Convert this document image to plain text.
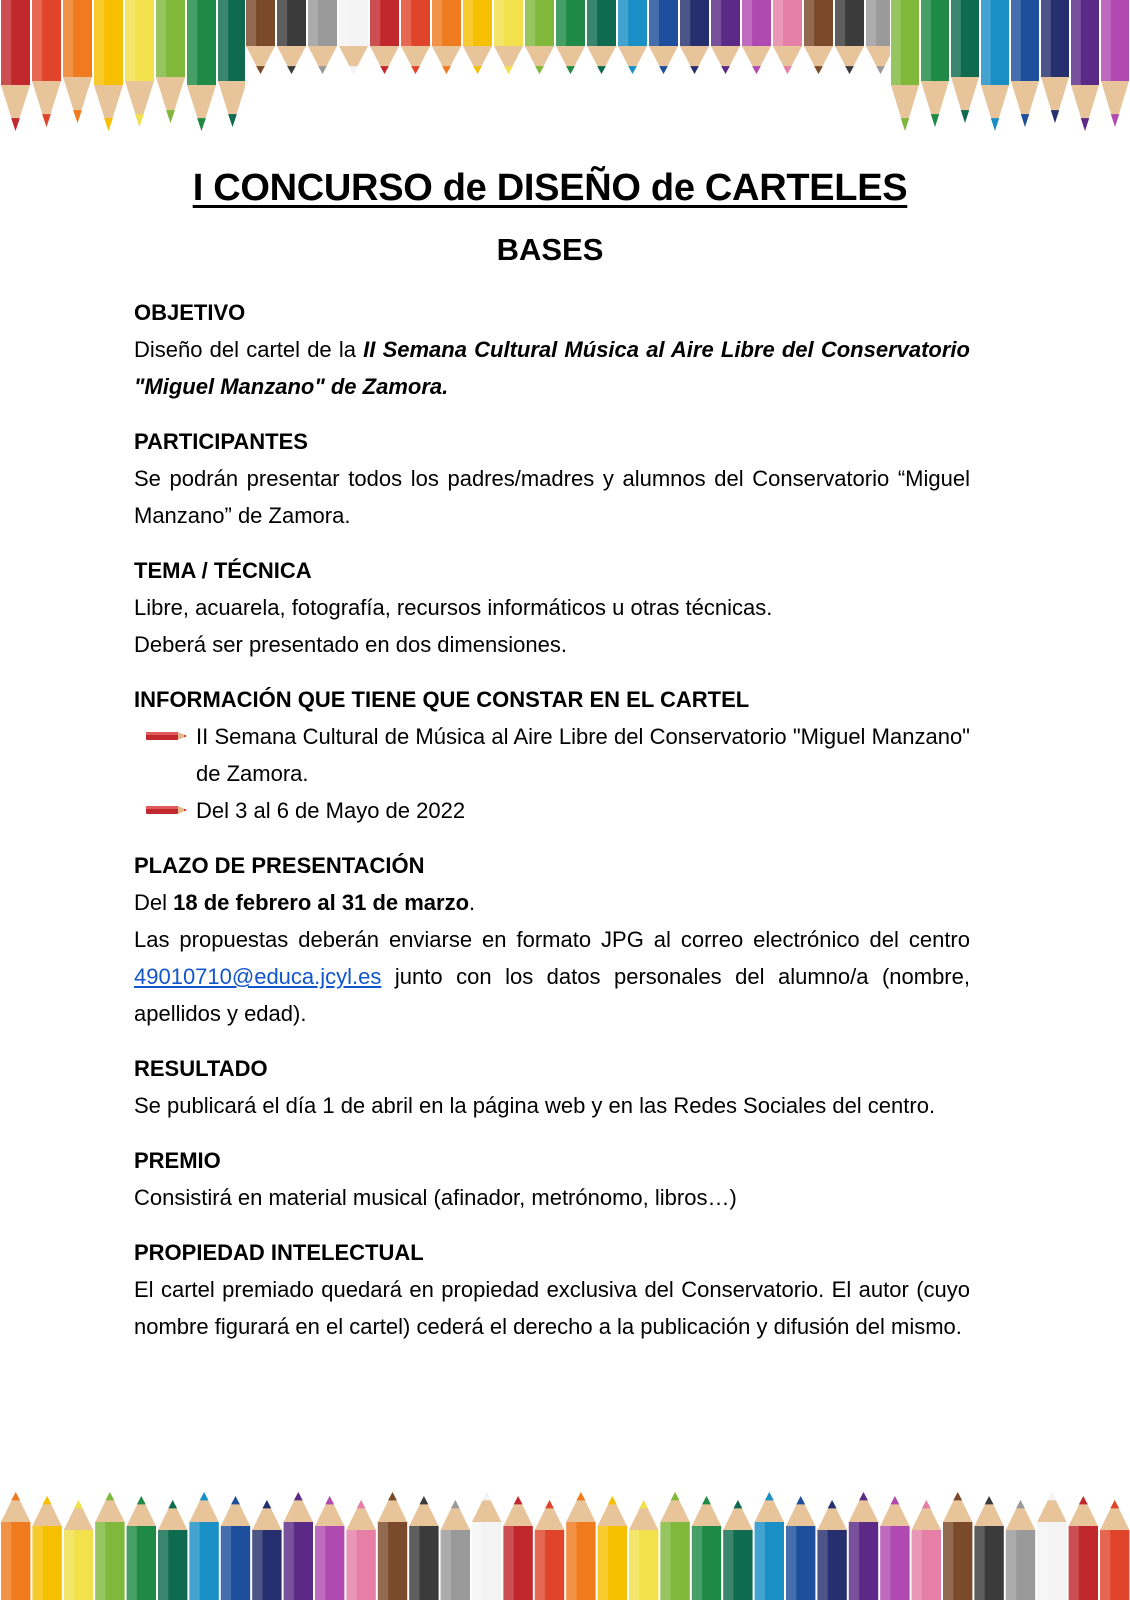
I CONCURSO de DISEÑO de CARTELES
BASES
OBJETIVO
Diseño del cartel de la II Semana Cultural Música al Aire Libre del Conservatorio "Miguel Manzano" de Zamora.
PARTICIPANTES
Se podrán presentar todos los padres/madres y alumnos del Conservatorio “Miguel Manzano” de Zamora.
TEMA / TÉCNICA
Libre, acuarela, fotografía, recursos informáticos u otras técnicas.
Deberá ser presentado en dos dimensiones.
INFORMACIÓN QUE TIENE QUE CONSTAR EN EL CARTEL
II Semana Cultural de Música al Aire Libre del Conservatorio "Miguel Manzano" de Zamora.
Del 3 al 6 de Mayo de 2022
PLAZO DE PRESENTACIÓN
Del 18 de febrero al 31 de marzo.
Las propuestas deberán enviarse en formato JPG al correo electrónico del centro 49010710@educa.jcyl.es junto con los datos personales del alumno/a (nombre, apellidos y edad).
RESULTADO
Se publicará el día 1 de abril en la página web y en las Redes Sociales del centro.
PREMIO
Consistirá en material musical (afinador, metrónomo, libros…)
PROPIEDAD INTELECTUAL
El cartel premiado quedará en propiedad exclusiva del Conservatorio. El autor (cuyo nombre figurará en el cartel) cederá el derecho a la publicación y difusión del mismo.
